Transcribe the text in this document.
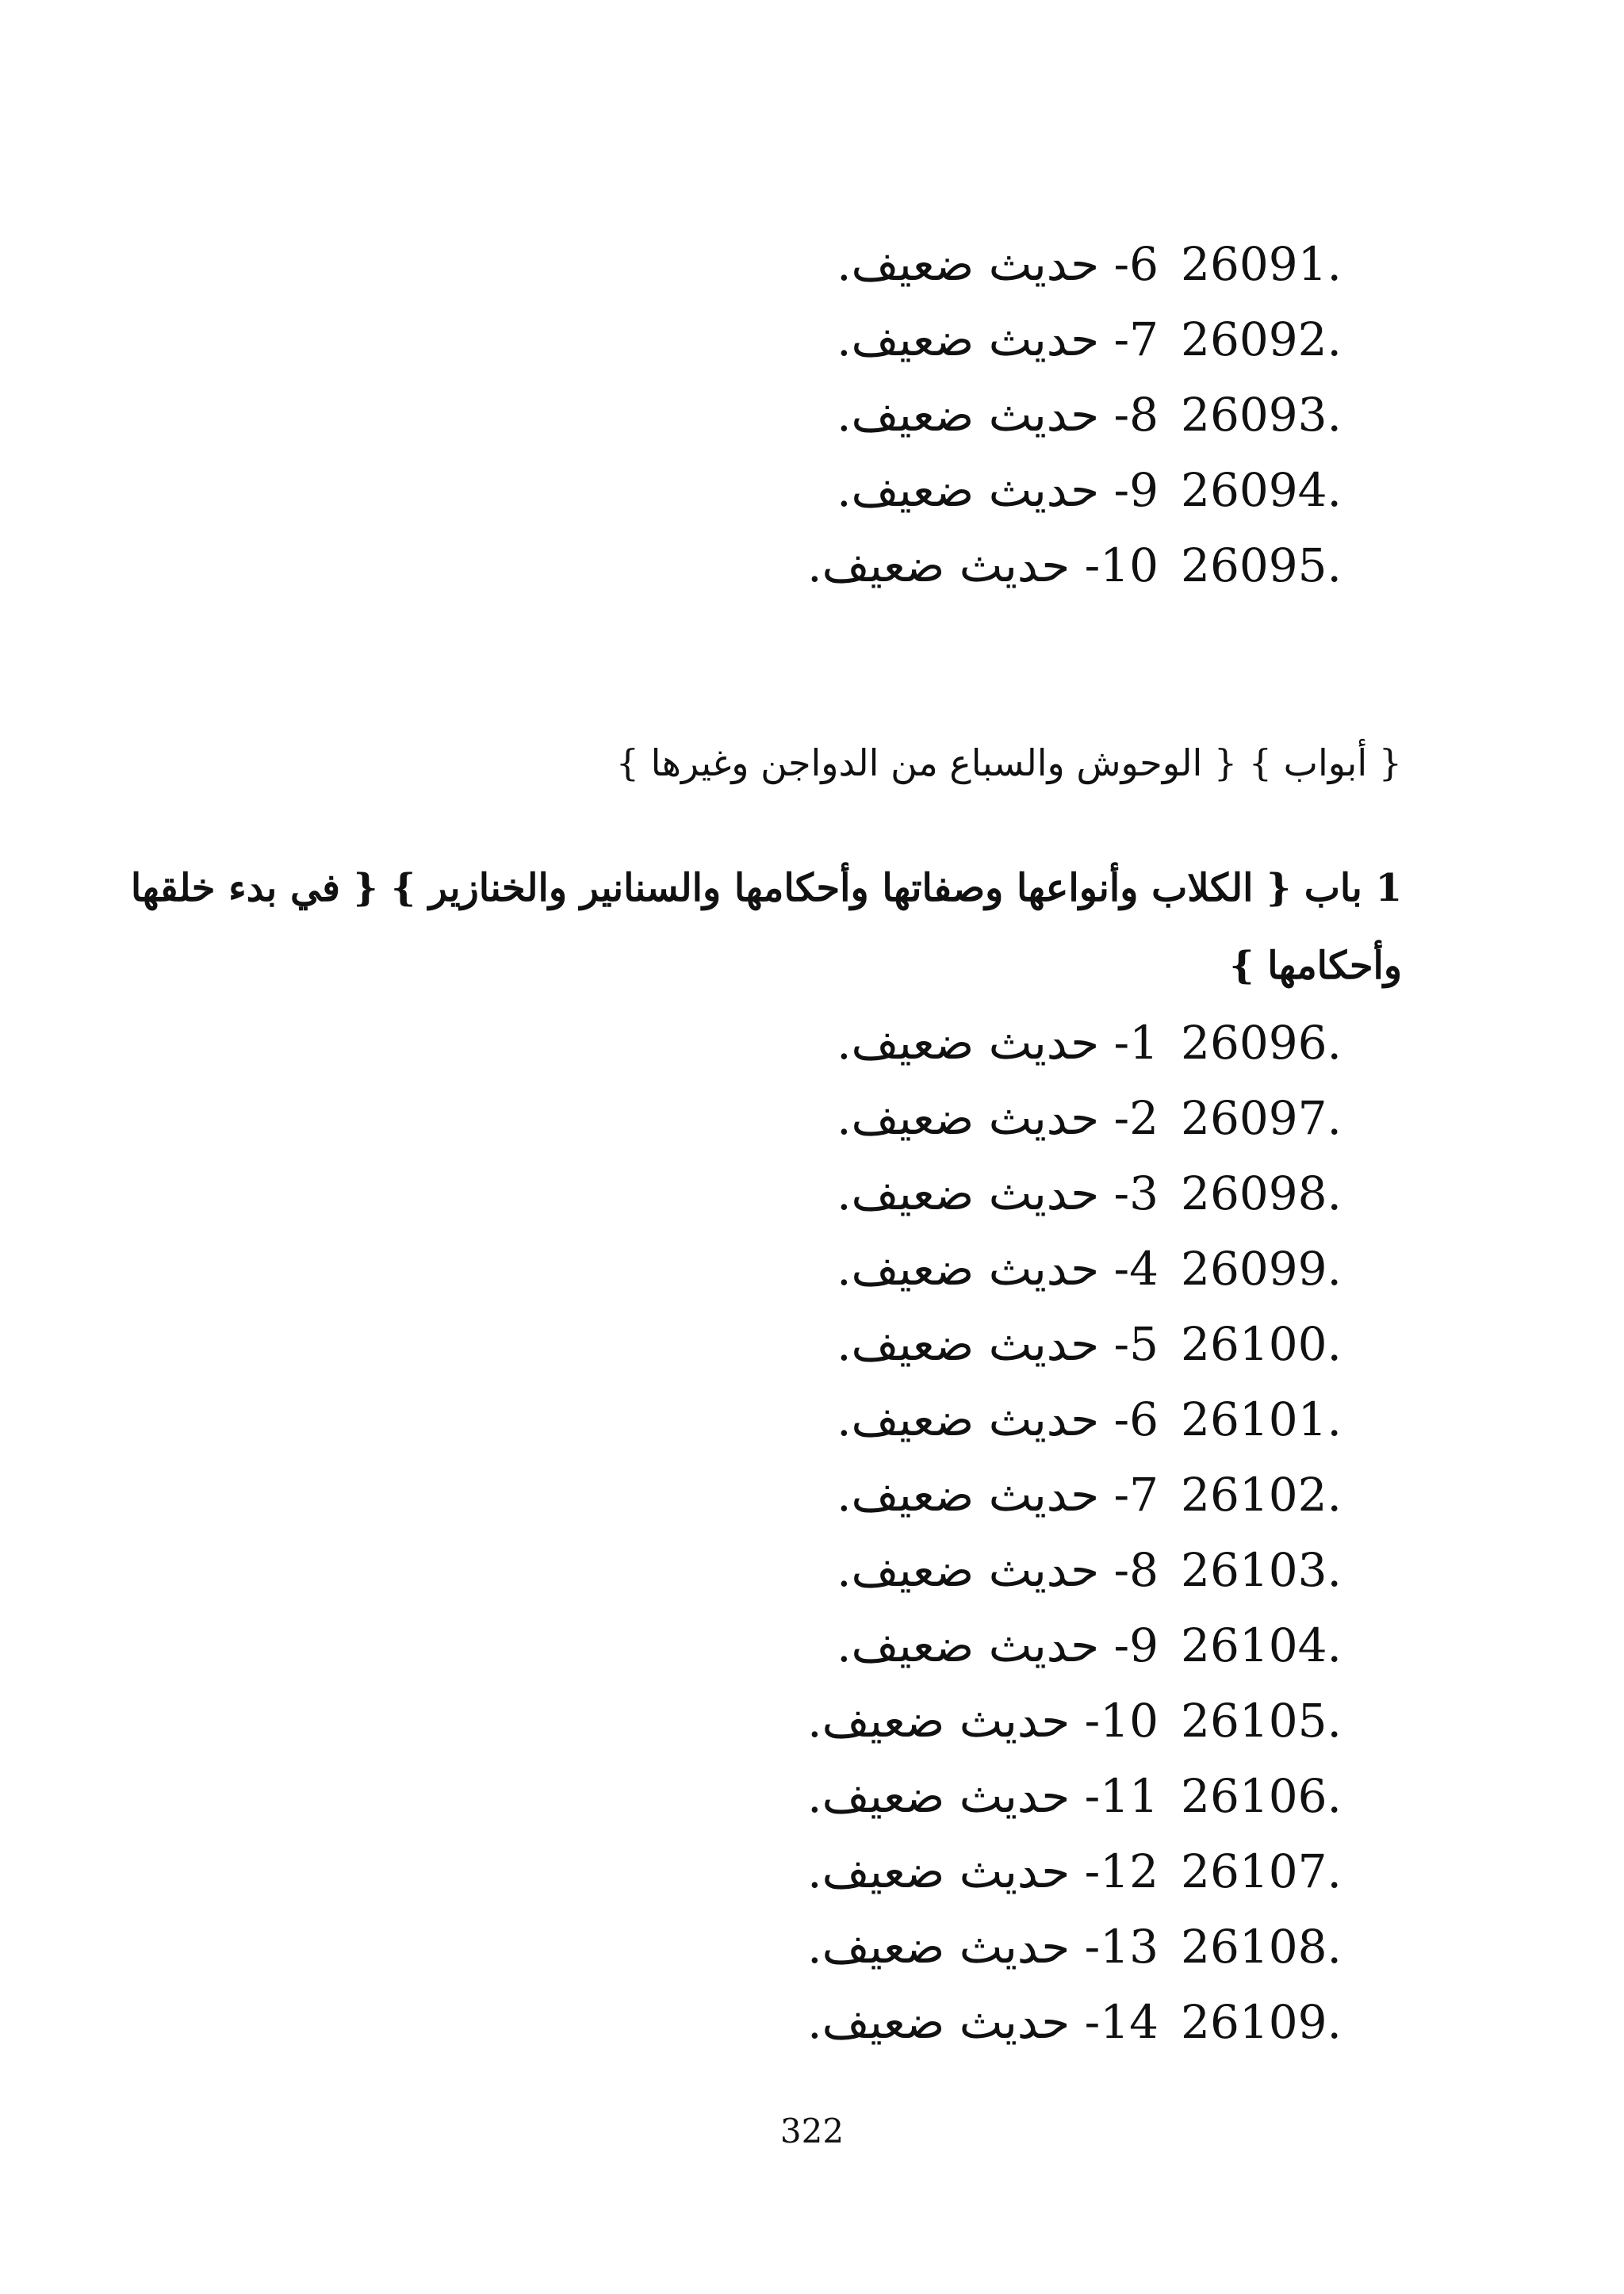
6- حديث ضعيف. 26091.
7- حديث ضعيف. 26092.
8- حديث ضعيف. 26093.
9- حديث ضعيف. 26094.
10- حديث ضعيف. 26095.
{ أبواب } { الوحوش والسباع من الدواجن وغيرها }
1 باب { الكلاب وأنواعها وصفاتها وأحكامها والسنانير والخنازير } { في بدء خلقها
وأحكامها }
1- حديث ضعيف. 26096.
2- حديث ضعيف. 26097.
3- حديث ضعيف. 26098.
4- حديث ضعيف. 26099.
5- حديث ضعيف. 26100.
6- حديث ضعيف. 26101.
7- حديث ضعيف. 26102.
8- حديث ضعيف. 26103.
9- حديث ضعيف. 26104.
10- حديث ضعيف. 26105.
11- حديث ضعيف. 26106.
12- حديث ضعيف. 26107.
13- حديث ضعيف. 26108.
14- حديث ضعيف. 26109.
322
